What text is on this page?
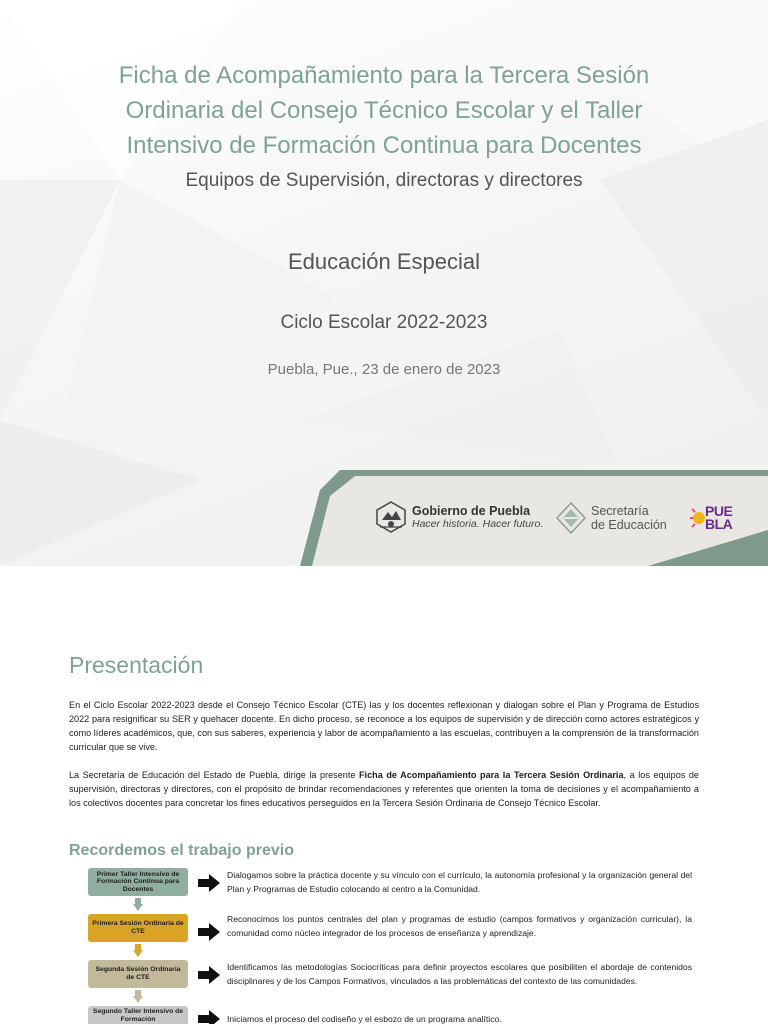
Ficha de Acompañamiento para la Tercera Sesión
Ordinaria del Consejo Técnico Escolar y el Taller
Intensivo de Formación Continua para Docentes
Equipos de Supervisión, directoras y directores
Educación Especial
Ciclo Escolar 2022-2023
Puebla, Pue., 23 de enero de 2023
Gobierno de Puebla
Hacer historia. Hacer futuro.
Secretaría
de Educación
PUE
BLA
Presentación

En el Ciclo Escolar 2022-2023 desde el Consejo Técnico Escolar (CTE) las y los docentes reflexionan y dialogan sobre el Plan y Programa de Estudios 2022 para resignificar su SER y quehacer docente. En dicho proceso, se reconoce a los equipos de supervisión y de dirección como actores estratégicos y como líderes académicos, que, con sus saberes, experiencia y labor de acompañamiento a las escuelas, contribuyen a la comprensión de la transformación curricular que se vive.

La Secretaría de Educación del Estado de Puebla, dirige la presente Ficha de Acompañamiento para la Tercera Sesión Ordinaria, a los equipos de supervisión, directoras y directores, con el propósito de brindar recomendaciones y referentes que orienten la toma de decisiones y el acompañamiento a los colectivos docentes para concretar los fines educativos perseguidos en la Tercera Sesión Ordinaria de Consejo Técnico Escolar.

Recordemos el trabajo previo
Primer Taller Intensivo de Formación Continua para Docentes
Primera Sesión Ordinaria de CTE
Segunda Sesión Ordinaria de CTE
Segundo Taller Intensivo de Formación

Dialogamos sobre la práctica docente y su vínculo con el currículo, la autonomía profesional y la organización general del Plan y Programas de Estudio colocando al centro a la Comunidad.

Reconocimos los puntos centrales del plan y programas de estudio (campos formativos y organización curricular), la comunidad como núcleo integrador de los procesos de enseñanza y aprendizaje.

Identificamos las metodologías Sociocríticas para definir proyectos escolares que posibiliten el abordaje de contenidos disciplinares y de los Campos Formativos, vinculados a las problemáticas del contexto de las comunidades.

Iniciamos el proceso del codiseño y el esbozo de un programa analítico.
